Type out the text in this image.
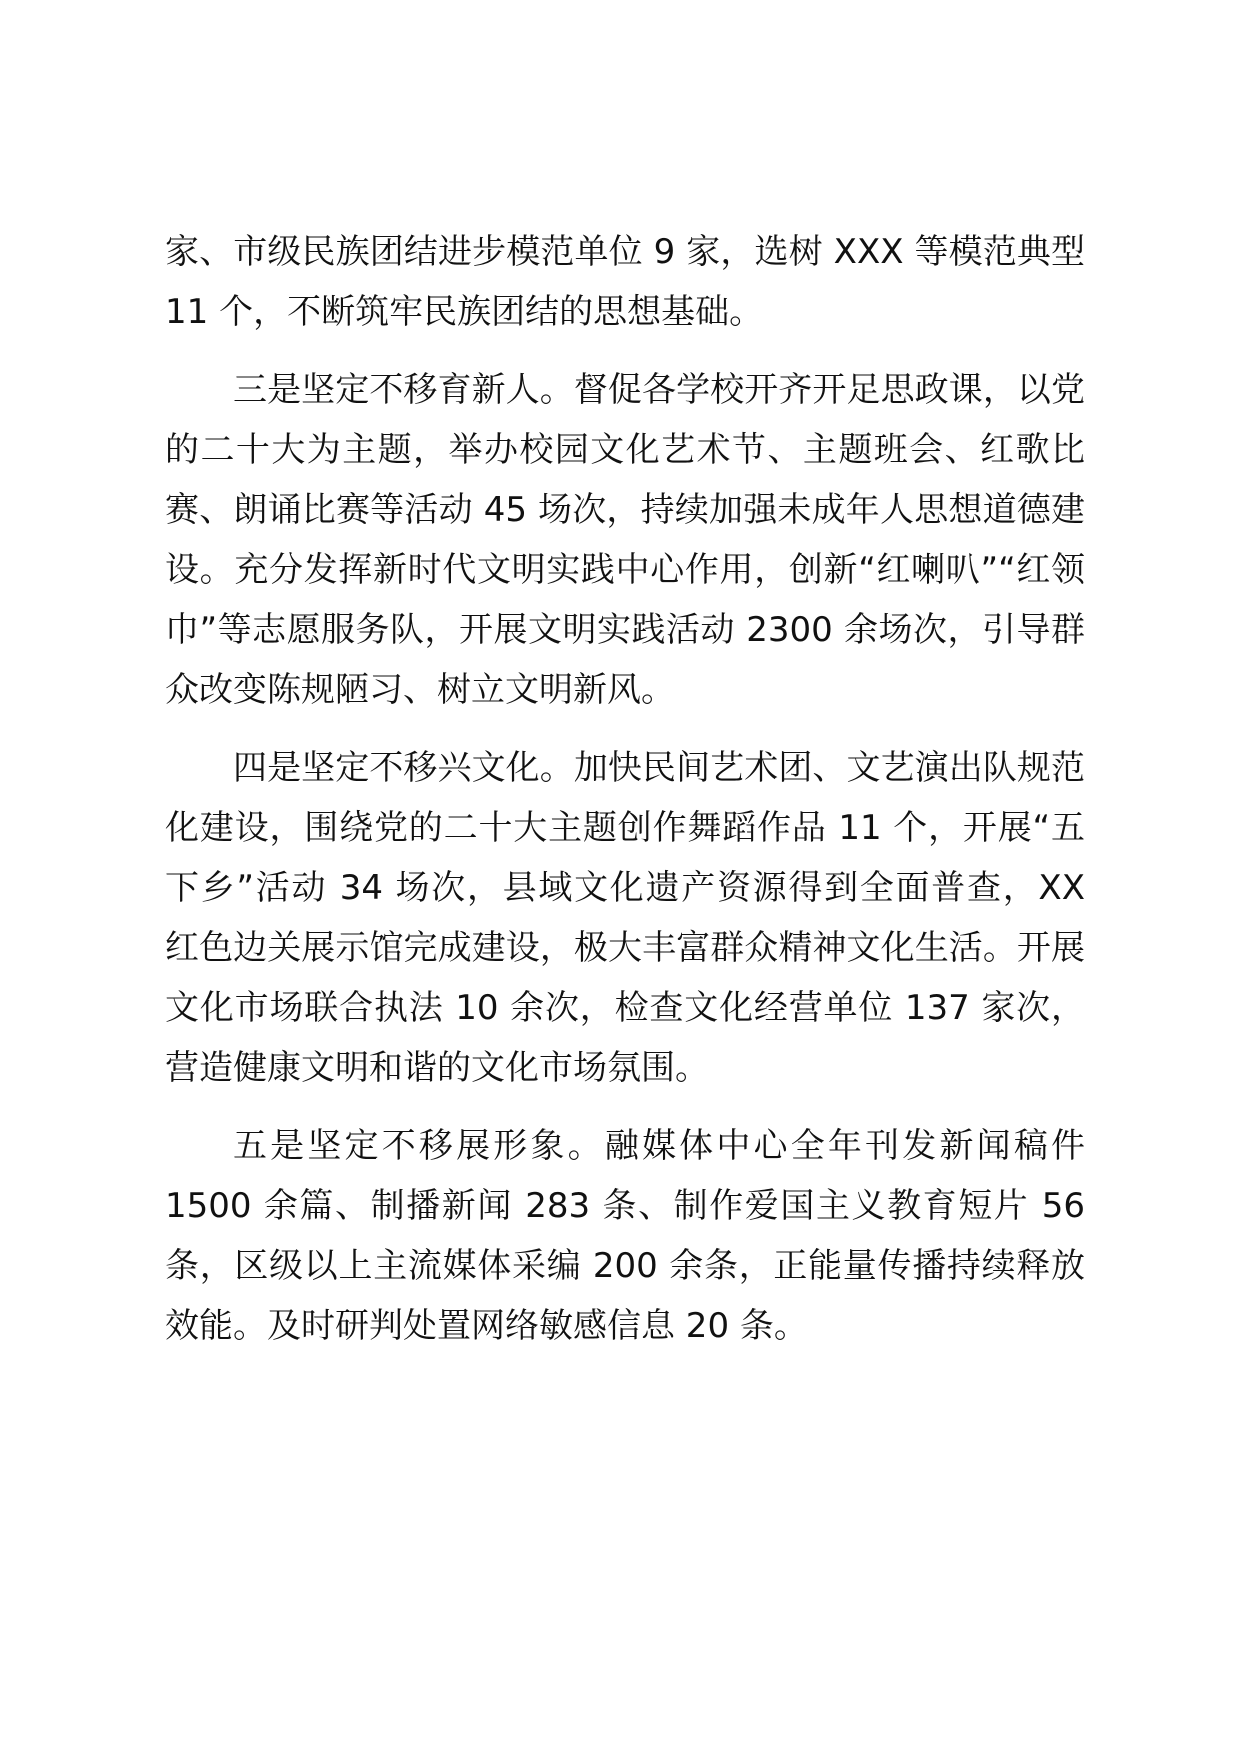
家、市级民族团结进步模范单位 9 家，选树 XXX 等模范典型 11 个，不断筑牢民族团结的思想基础。

三是坚定不移育新人。督促各学校开齐开足思政课，以党的二十大为主题，举办校园文化艺术节、主题班会、红歌比赛、朗诵比赛等活动 45 场次，持续加强未成年人思想道德建设。充分发挥新时代文明实践中心作用，创新“红喇叭”“红领巾”等志愿服务队，开展文明实践活动 2300 余场次，引导群众改变陈规陋习、树立文明新风。

四是坚定不移兴文化。加快民间艺术团、文艺演出队规范化建设，围绕党的二十大主题创作舞蹈作品 11 个，开展“五下乡”活动 34 场次，县域文化遗产资源得到全面普查，XX 红色边关展示馆完成建设，极大丰富群众精神文化生活。开展文化市场联合执法 10 余次，检查文化经营单位 137 家次，营造健康文明和谐的文化市场氛围。

五是坚定不移展形象。融媒体中心全年刊发新闻稿件 1500 余篇、制播新闻 283 条、制作爱国主义教育短片 56 条，区级以上主流媒体采编 200 余条，正能量传播持续释放效能。及时研判处置网络敏感信息 20 条。
